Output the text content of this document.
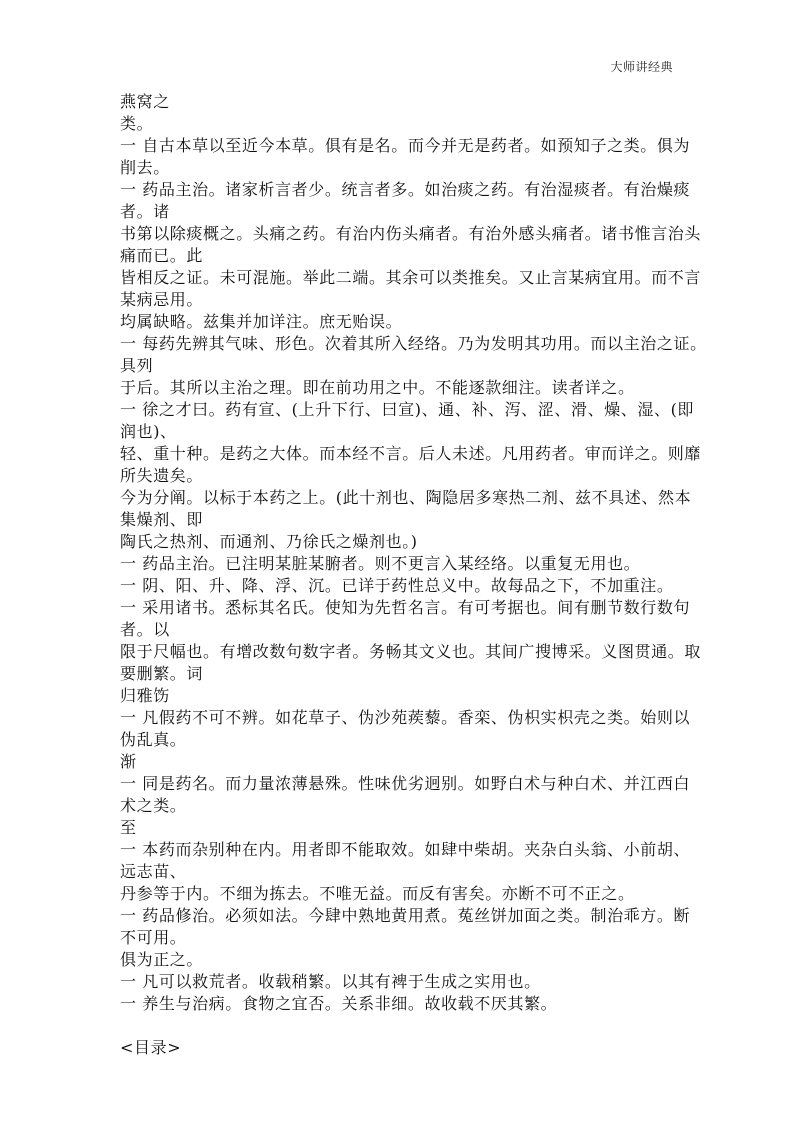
大师讲经典
燕窝之
类。
一 自古本草以至近今本草。俱有是名。而今并无是药者。如预知子之类。俱为
削去。
一 药品主治。诸家析言者少。统言者多。如治痰之药。有治湿痰者。有治燥痰
者。诸
书第以除痰概之。头痛之药。有治内伤头痛者。有治外感头痛者。诸书惟言治头
痛而已。此
皆相反之证。未可混施。举此二端。其余可以类推矣。又止言某病宜用。而不言
某病忌用。
均属缺略。兹集并加详注。庶无贻误。
一 每药先辨其气味、形色。次着其所入经络。乃为发明其功用。而以主治之证。
具列
于后。其所以主治之理。即在前功用之中。不能逐款细注。读者详之。
一 徐之才曰。药有宣、(上升下行、曰宣)、通、补、泻、涩、滑、燥、湿、(即
润也)、
轻、重十种。是药之大体。而本经不言。后人未述。凡用药者。审而详之。则靡
所失遗矣。
今为分阐。以标于本药之上。(此十剂也、陶隐居多寒热二剂、兹不具述、然本
集燥剂、即
陶氏之热剂、而通剂、乃徐氏之燥剂也。)
一 药品主治。已注明某脏某腑者。则不更言入某经络。以重复无用也。
一 阴、阳、升、降、浮、沉。已详于药性总义中。故每品之下，不加重注。
一 采用诸书。悉标其名氏。使知为先哲名言。有可考据也。间有删节数行数句
者。以
限于尺幅也。有增改数句数字者。务畅其文义也。其间广搜博采。义图贯通。取
要删繁。词
归雅饬
一 凡假药不可不辨。如花草子、伪沙苑蒺藜。香栾、伪枳实枳壳之类。始则以
伪乱真。
渐
一 同是药名。而力量浓薄悬殊。性味优劣迥别。如野白术与种白术、并江西白
术之类。
至
一 本药而杂别种在内。用者即不能取效。如肆中柴胡。夹杂白头翁、小前胡、
远志苗、
丹参等于内。不细为拣去。不唯无益。而反有害矣。亦断不可不正之。
一 药品修治。必须如法。今肆中熟地黄用煮。菟丝饼加面之类。制治乖方。断
不可用。
俱为正之。
一 凡可以救荒者。收载稍繁。以其有裨于生成之实用也。
一 养生与治病。食物之宜否。关系非细。故收载不厌其繁。
<目录>
